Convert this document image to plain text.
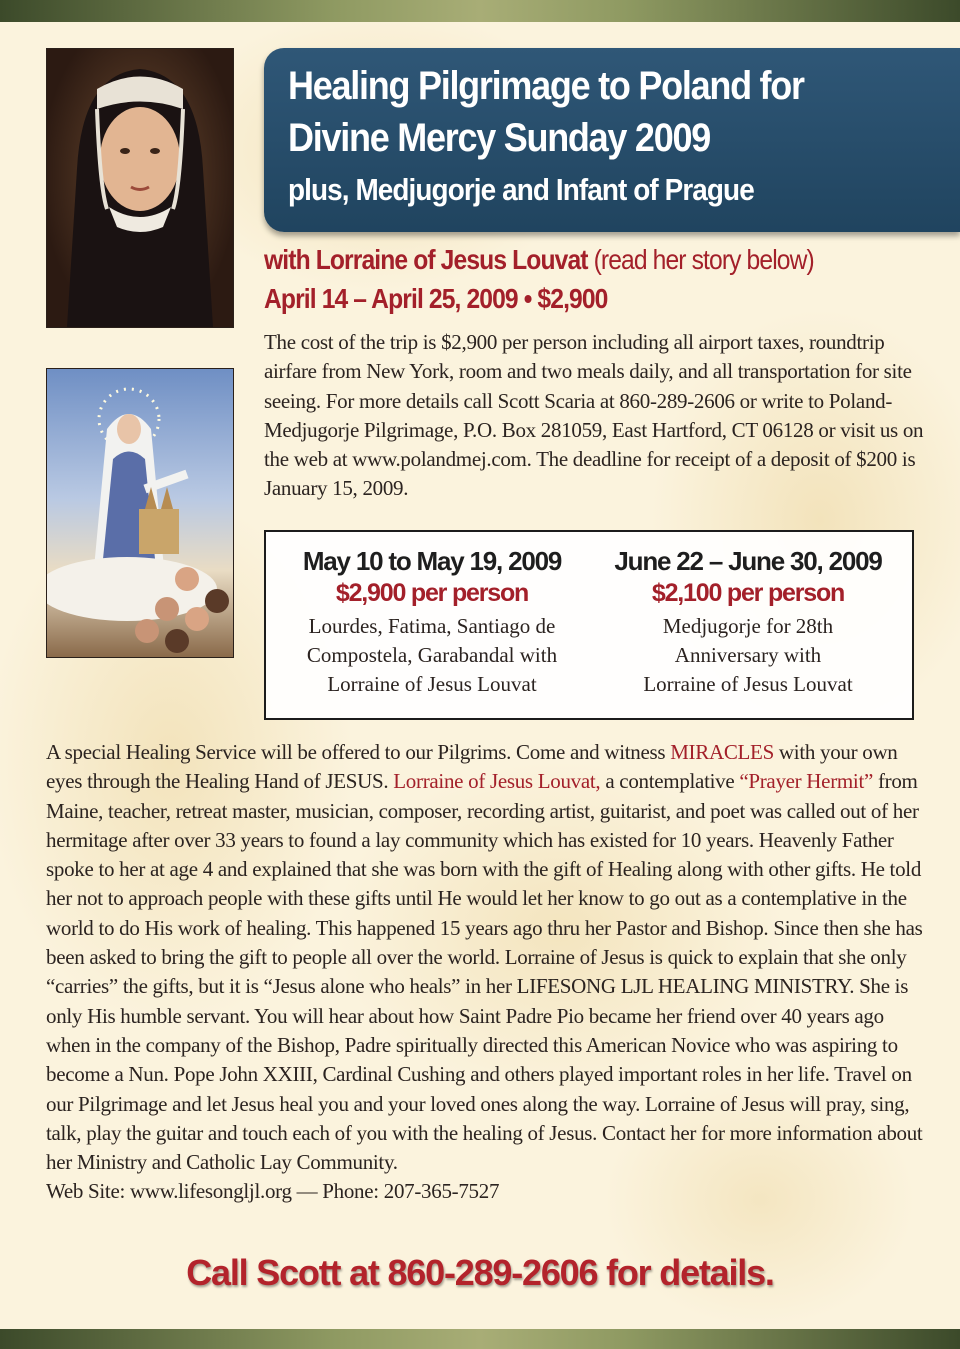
Healing Pilgrimage to Poland for
Divine Mercy Sunday 2009
plus, Medjugorje and Infant of Prague
with Lorraine of Jesus Louvat (read her story below)
April 14 – April 25, 2009 • $2,900
The cost of the trip is $2,900 per person including all airport taxes, roundtrip airfare from New York, room and two meals daily, and all transportation for site seeing. For more details call Scott Scaria at 860-289-2606 or write to Poland-Medjugorje Pilgrimage, P.O. Box 281059, East Hartford, CT 06128 or visit us on the web at www.polandmej.com. The deadline for receipt of a deposit of $200 is January 15, 2009.
May 10 to May 19, 2009
$2,900 per person
Lourdes, Fatima, Santiago de
Compostela, Garabandal with
Lorraine of Jesus Louvat
June 22 – June 30, 2009
$2,100 per person
Medjugorje for 28th
Anniversary with
Lorraine of Jesus Louvat

A special Healing Service will be offered to our Pilgrims. Come and witness MIRACLES with your own eyes through the Healing Hand of JESUS. Lorraine of Jesus Louvat, a contemplative “Prayer Hermit” from Maine, teacher, retreat master, musician, composer, recording artist, guitarist, and poet was called out of her hermitage after over 33 years to found a lay community which has existed for 10 years. Heavenly Father spoke to her at age 4 and explained that she was born with the gift of Healing along with other gifts. He told her not to approach people with these gifts until He would let her know to go out as a contemplative in the world to do His work of healing. This happened 15 years ago thru her Pastor and Bishop. Since then she has been asked to bring the gift to people all over the world. Lorraine of Jesus is quick to explain that she only “carries” the gifts, but it is “Jesus alone who heals” in her LIFESONG LJL HEALING MINISTRY. She is only His humble servant. You will hear about how Saint Padre Pio became her friend over 40 years ago when in the company of the Bishop, Padre spiritually directed this American Novice who was aspiring to become a Nun. Pope John XXIII, Cardinal Cushing and others played important roles in her life. Travel on our Pilgrimage and let Jesus heal you and your loved ones along the way. Lorraine of Jesus will pray, sing, talk, play the guitar and touch each of you with the healing of Jesus. Contact her for more information about her Ministry and Catholic Lay Community.

Web Site: www.lifesongljl.org — Phone: 207-365-7527

Call Scott at 860-289-2606 for details.
